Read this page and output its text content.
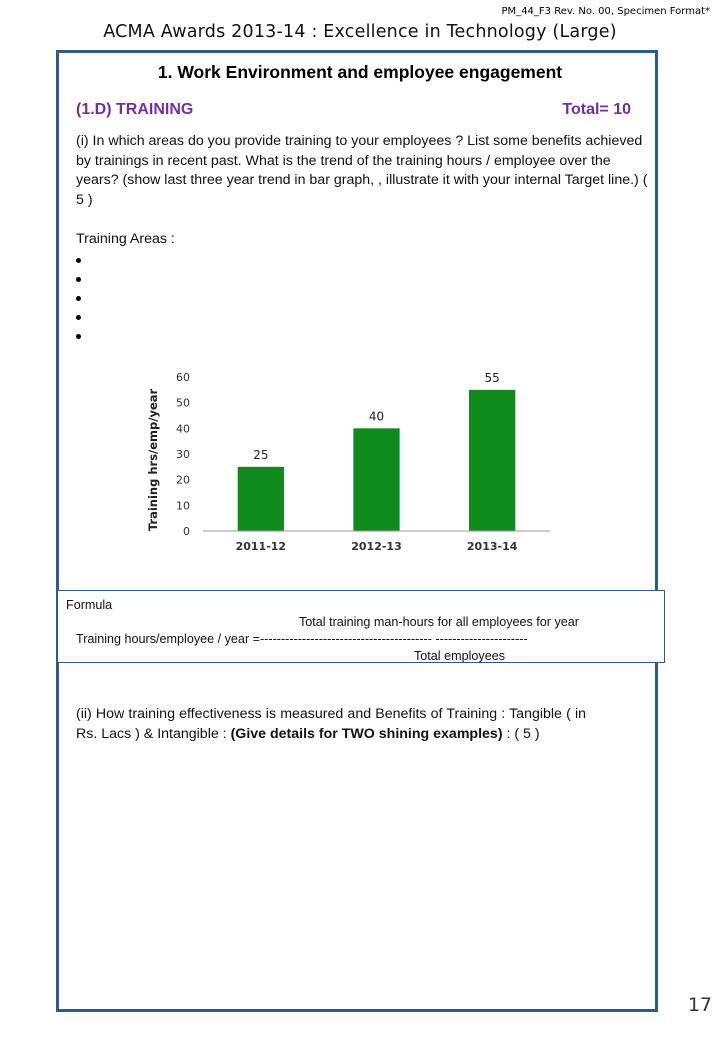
PM_44_F3 Rev. No. 00, Specimen Format*
ACMA Awards 2013-14 : Excellence in Technology (Large)
1. Work Environment and employee engagement
(1.D) TRAINING	Total= 10
(i) In which areas do you provide training to your employees ? List some benefits achieved by trainings in recent past. What is the trend of the training hours / employee over the years? (show last three year trend in bar graph, , illustrate it with your internal Target line.) ( 5 )
Training Areas :
Training hrs/emp/year
0
10
20
30
40
50
60
25
40
55
2011-12	2012-13	2013-14
Formula
Total training man-hours for all employees for year
Training hours/employee / year =----------------------------------------- ----------------------
Total employees
(ii) How training effectiveness is measured and Benefits of Training : Tangible ( in Rs. Lacs ) & Intangible : (Give details for TWO shining examples) : ( 5 )
17
